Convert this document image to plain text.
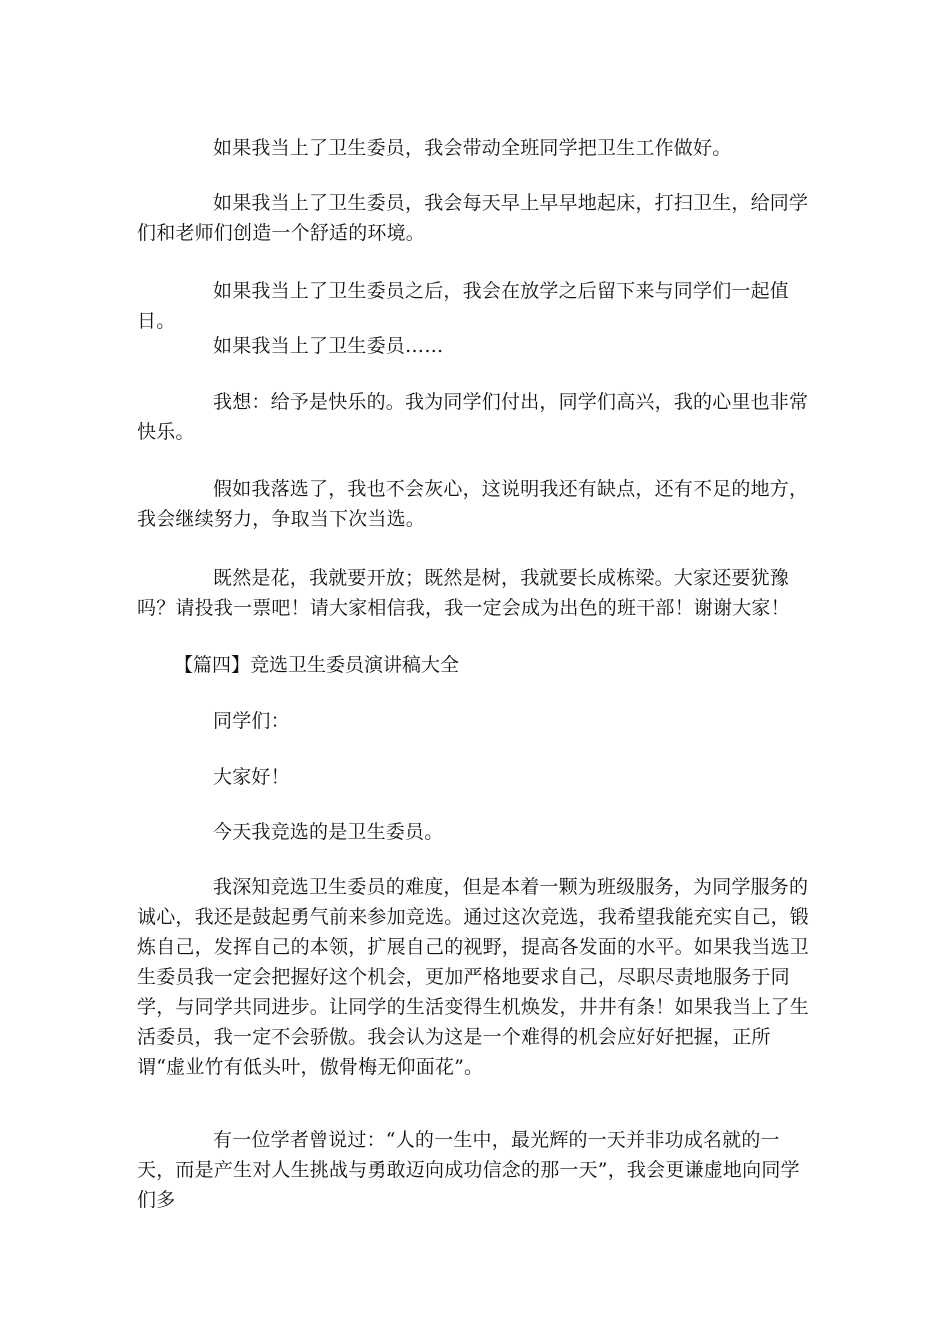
如果我当上了卫生委员，我会带动全班同学把卫生工作做好。

如果我当上了卫生委员，我会每天早上早早地起床，打扫卫生，给同学们和老师们创造一个舒适的环境。

如果我当上了卫生委员之后，我会在放学之后留下来与同学们一起值日。

如果我当上了卫生委员……

我想：给予是快乐的。我为同学们付出，同学们高兴，我的心里也非常快乐。

假如我落选了，我也不会灰心，这说明我还有缺点，还有不足的地方，我会继续努力，争取当下次当选。

既然是花，我就要开放；既然是树，我就要长成栋梁。大家还要犹豫吗？请投我一票吧！请大家相信我，我一定会成为出色的班干部！谢谢大家！

【篇四】竞选卫生委员演讲稿大全

同学们：

大家好！

今天我竞选的是卫生委员。

我深知竞选卫生委员的难度，但是本着一颗为班级服务，为同学服务的诚心，我还是鼓起勇气前来参加竞选。通过这次竞选，我希望我能充实自己，锻炼自己，发挥自己的本领，扩展自己的视野，提高各发面的水平。如果我当选卫生委员我一定会把握好这个机会，更加严格地要求自己，尽职尽责地服务于同学，与同学共同进步。让同学的生活变得生机焕发，井井有条！如果我当上了生活委员，我一定不会骄傲。我会认为这是一个难得的机会应好好把握，正所谓“虚业竹有低头叶，傲骨梅无仰面花”。

有一位学者曾说过：“人的一生中，最光辉的一天并非功成名就的一天，而是产生对人生挑战与勇敢迈向成功信念的那一天”，我会更谦虚地向同学们多
